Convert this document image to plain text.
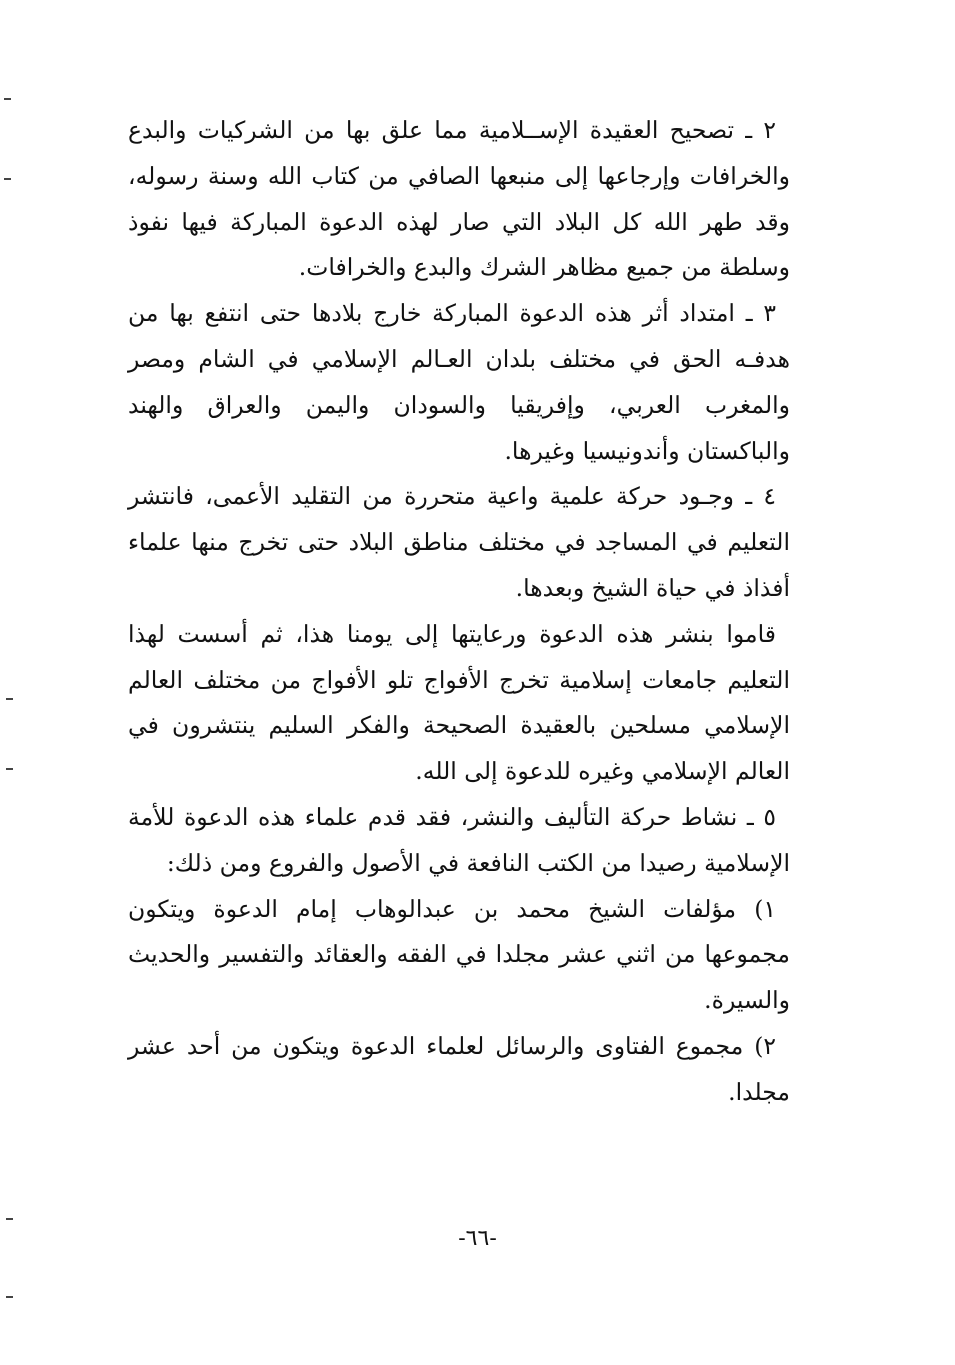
٢ ـ تصحيح العقيدة الإســلامية مما علق بها من الشركيات والبدع والخرافات وإرجاعها إلى منبعها الصافي من كتاب الله وسنة رسوله، وقد طهر الله كل البلاد التي صار لهذه الدعوة المباركة فيها نفوذ وسلطة من جميع مظاهر الشرك والبدع والخرافات.

٣ ـ امتداد أثر هذه الدعوة المباركة خارج بلادها حتى انتفع بها من هدفـه الحق في مختلف بلدان العـالم الإسلامي في الشام ومصر والمغرب العربي، وإفريقيا والسودان واليمن والعراق والهند والباكستان وأندونيسيا وغيرها.

٤ ـ وجـود حركة علمية واعية متحررة من التقليد الأعمى، فانتشر التعليم في المساجد في مختلف مناطق البلاد حتى تخرج منها علماء أفذاذ في حياة الشيخ وبعدها.

قاموا بنشر هذه الدعوة ورعايتها إلى يومنا هذا، ثم أسست لهذا التعليم جامعات إسلامية تخرج الأفواج تلو الأفواج من مختلف العالم الإسلامي مسلحين بالعقيدة الصحيحة والفكر السليم ينتشرون في العالم الإسلامي وغيره للدعوة إلى الله.

٥ ـ نشاط حركة التأليف والنشر، فقد قدم علماء هذه الدعوة للأمة الإسلامية رصيدا من الكتب النافعة في الأصول والفروع ومن ذلك:

١) مؤلفات الشيخ محمد بن عبدالوهاب إمام الدعوة ويتكون مجموعها من اثني عشر مجلدا في الفقه والعقائد والتفسير والحديث والسيرة.

٢) مجموع الفتاوى والرسائل لعلماء الدعوة ويتكون من أحد عشر مجلدا.

-٦٦-
